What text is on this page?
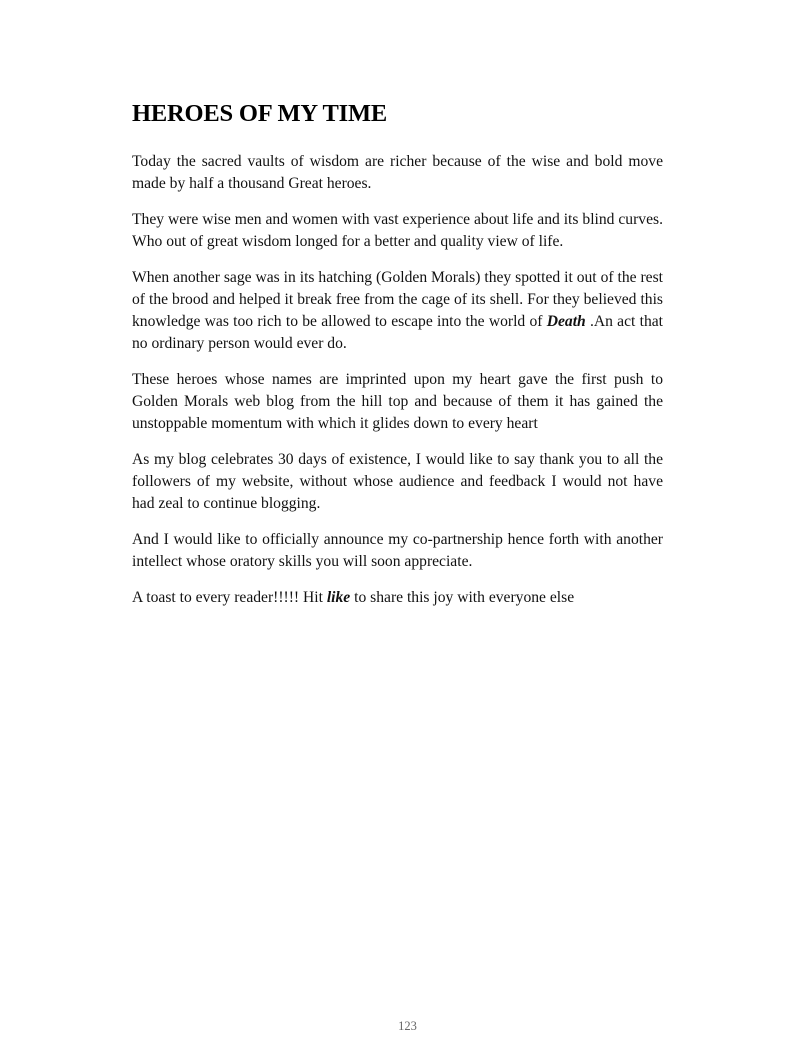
HEROES OF MY TIME

Today the sacred vaults of wisdom are richer because of the wise and bold move made by half a thousand Great heroes.

They were wise men and women with vast experience about life and its blind curves. Who out of great wisdom longed for a better and quality view of life.

When another sage was in its hatching (Golden Morals) they spotted it out of the rest of the brood and helped it break free from the cage of its shell. For they believed this knowledge was too rich to be allowed to escape into the world of Death .An act that no ordinary person would ever do.

These heroes whose names are imprinted upon my heart gave the first push to Golden Morals web blog from the hill top and because of them it has gained the unstoppable momentum with which it glides down to every heart

As my blog celebrates 30 days of existence, I would like to say thank you to all the followers of my website, without whose audience and feedback I would not have had zeal to continue blogging.

And I would like to officially announce my co-partnership hence forth with another intellect whose oratory skills you will soon appreciate.

A toast to every reader!!!!! Hit like to share this joy with everyone else

123
